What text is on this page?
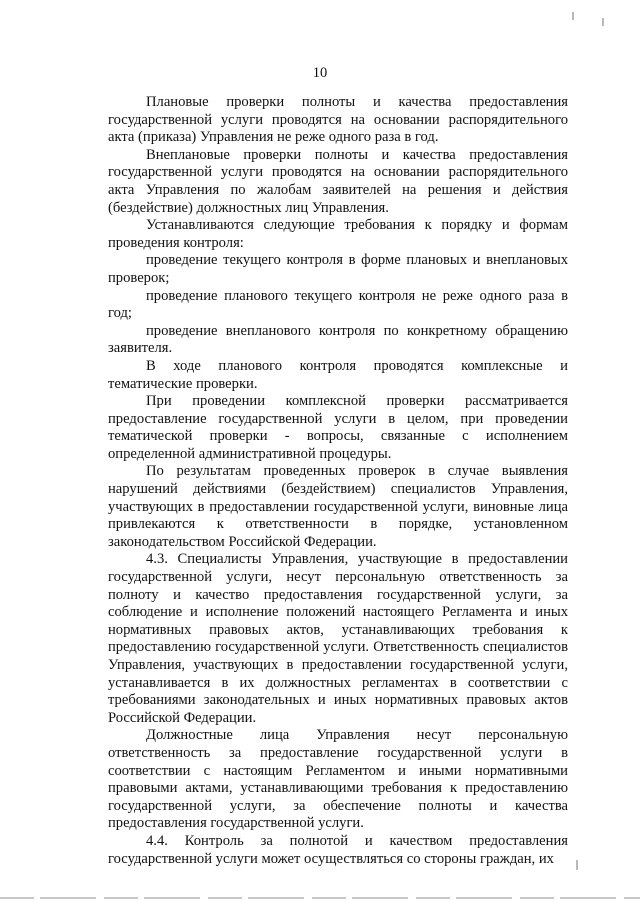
10

Плановые проверки полноты и качества предоставления государственной услуги проводятся на основании распорядительного акта (приказа) Управления не реже одного раза в год.

Внеплановые проверки полноты и качества предоставления государственной услуги проводятся на основании распорядительного акта Управления по жалобам заявителей на решения и действия (бездействие) должностных лиц Управления.

Устанавливаются следующие требования к порядку и формам проведения контроля:

проведение текущего контроля в форме плановых и внеплановых проверок;

проведение планового текущего контроля не реже одного раза в год;

проведение внепланового контроля по конкретному обращению заявителя.

В ходе планового контроля проводятся комплексные и тематические проверки.

При проведении комплексной проверки рассматривается предоставление государственной услуги в целом, при проведении тематической проверки - вопросы, связанные с исполнением определенной административной процедуры.

По результатам проведенных проверок в случае выявления нарушений действиями (бездействием) специалистов Управления, участвующих в предоставлении государственной услуги, виновные лица привлекаются к ответственности в порядке, установленном законодательством Российской Федерации.

4.3. Специалисты Управления, участвующие в предоставлении государственной услуги, несут персональную ответственность за полноту и качество предоставления государственной услуги, за соблюдение и исполнение положений настоящего Регламента и иных нормативных правовых актов, устанавливающих требования к предоставлению государственной услуги. Ответственность специалистов Управления, участвующих в предоставлении государственной услуги, устанавливается в их должностных регламентах в соответствии с требованиями законодательных и иных нормативных правовых актов Российской Федерации.

Должностные лица Управления несут персональную ответственность за предоставление государственной услуги в соответствии с настоящим Регламентом и иными нормативными правовыми актами, устанавливающими требования к предоставлению государственной услуги, за обеспечение полноты и качества предоставления государственной услуги.

4.4. Контроль за полнотой и качеством предоставления государственной услуги может осуществляться со стороны граждан, их
